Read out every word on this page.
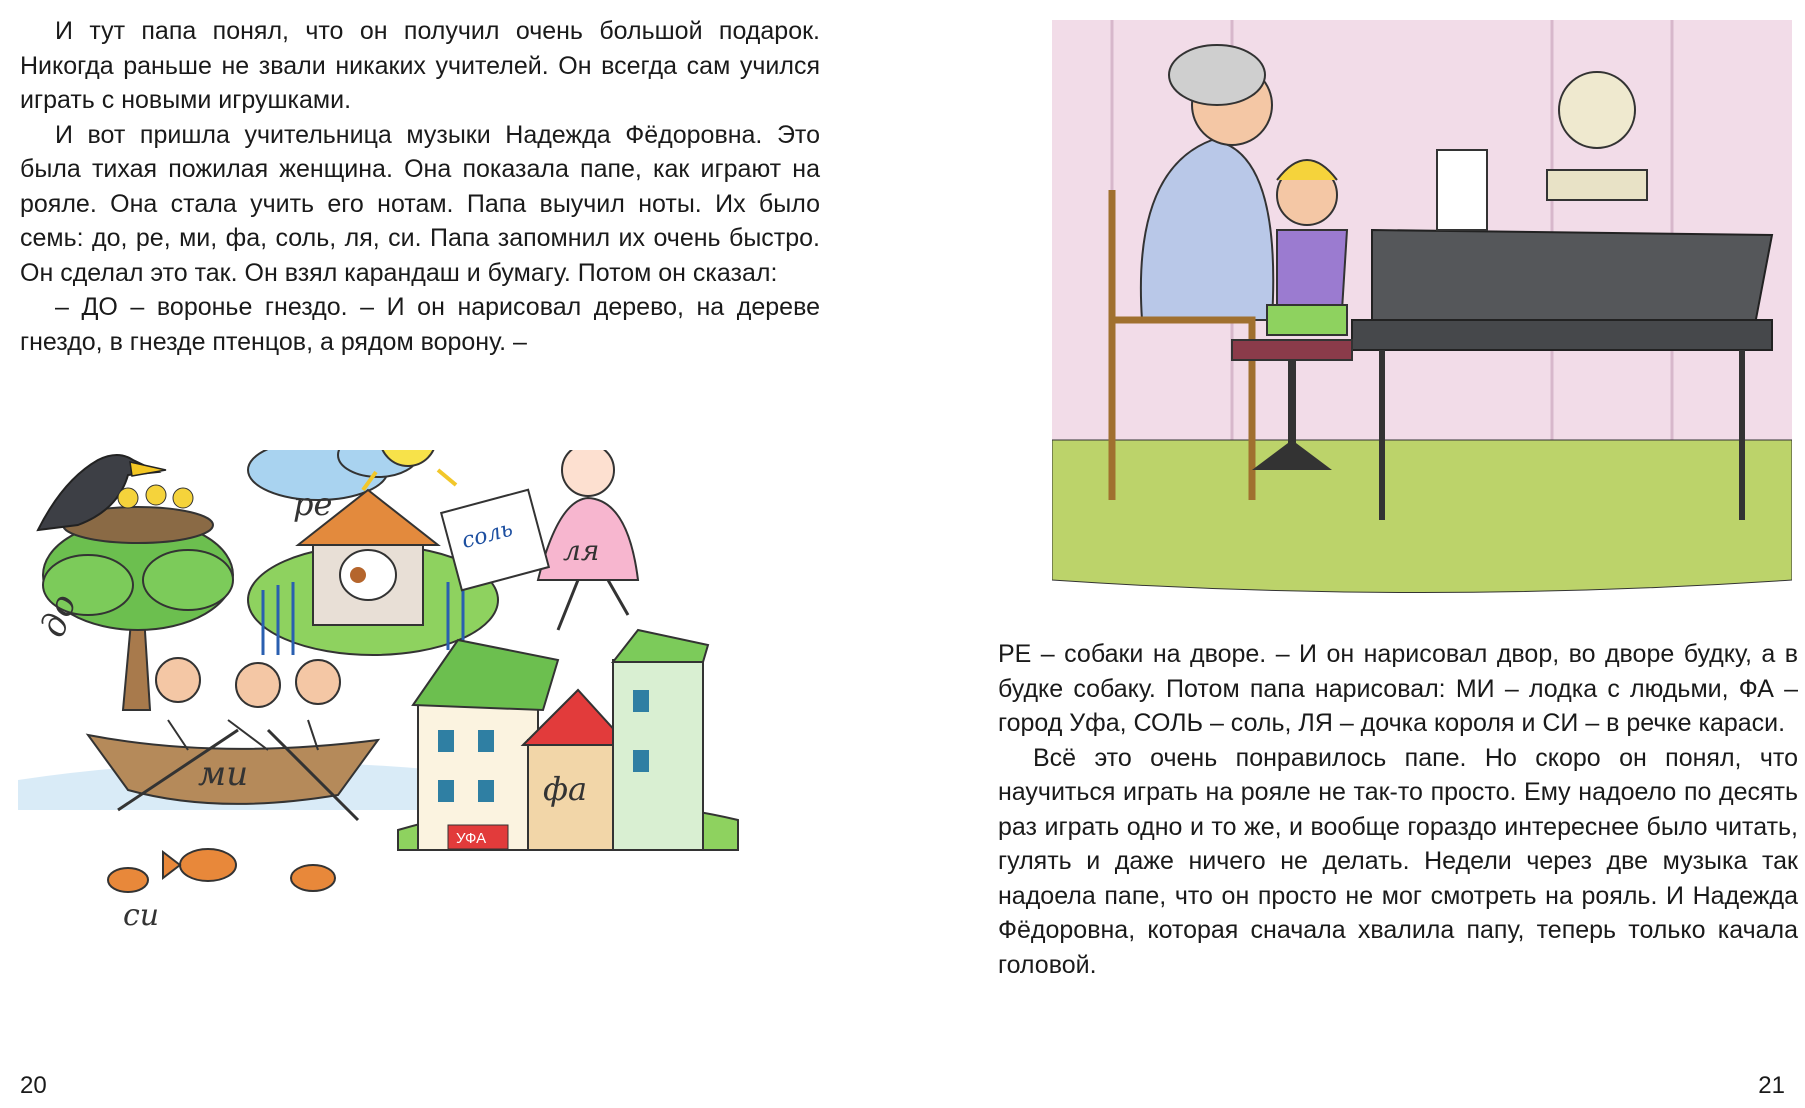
И тут папа понял, что он получил очень большой подарок. Никогда раньше не звали никаких учителей. Он всегда сам учился играть с новыми игрушками.

И вот пришла учительница музыки Надежда Фёдоровна. Это была тихая пожилая женщина. Она показала папе, как играют на рояле. Она стала учить его нотам. Папа выучил ноты. Их было семь: до, ре, ми, фа, соль, ля, си. Папа запомнил их очень быстро. Он сделал это так. Он взял карандаш и бумагу. Потом он сказал:

– ДО – воронье гнездо. – И он нарисовал дерево, на дереве гнездо, в гнезде птенцов, а рядом ворону. –

до
ре
соль ля
ми
УФА
фа
си
20

РЕ – собаки на дворе. – И он нарисовал двор, во дворе будку, а в будке собаку. Потом папа нарисовал: МИ – лодка с людьми, ФА – город Уфа, СОЛЬ – соль, ЛЯ – дочка короля и СИ – в речке караси.

Всё это очень понравилось папе. Но скоро он понял, что научиться играть на рояле не так-то просто. Ему надоело по десять раз играть одно и то же, и вообще гораздо интереснее было читать, гулять и даже ничего не делать. Недели через две музыка так надоела папе, что он просто не мог смотреть на рояль. И Надежда Фёдоровна, которая сначала хвалила папу, теперь только качала головой.

21
